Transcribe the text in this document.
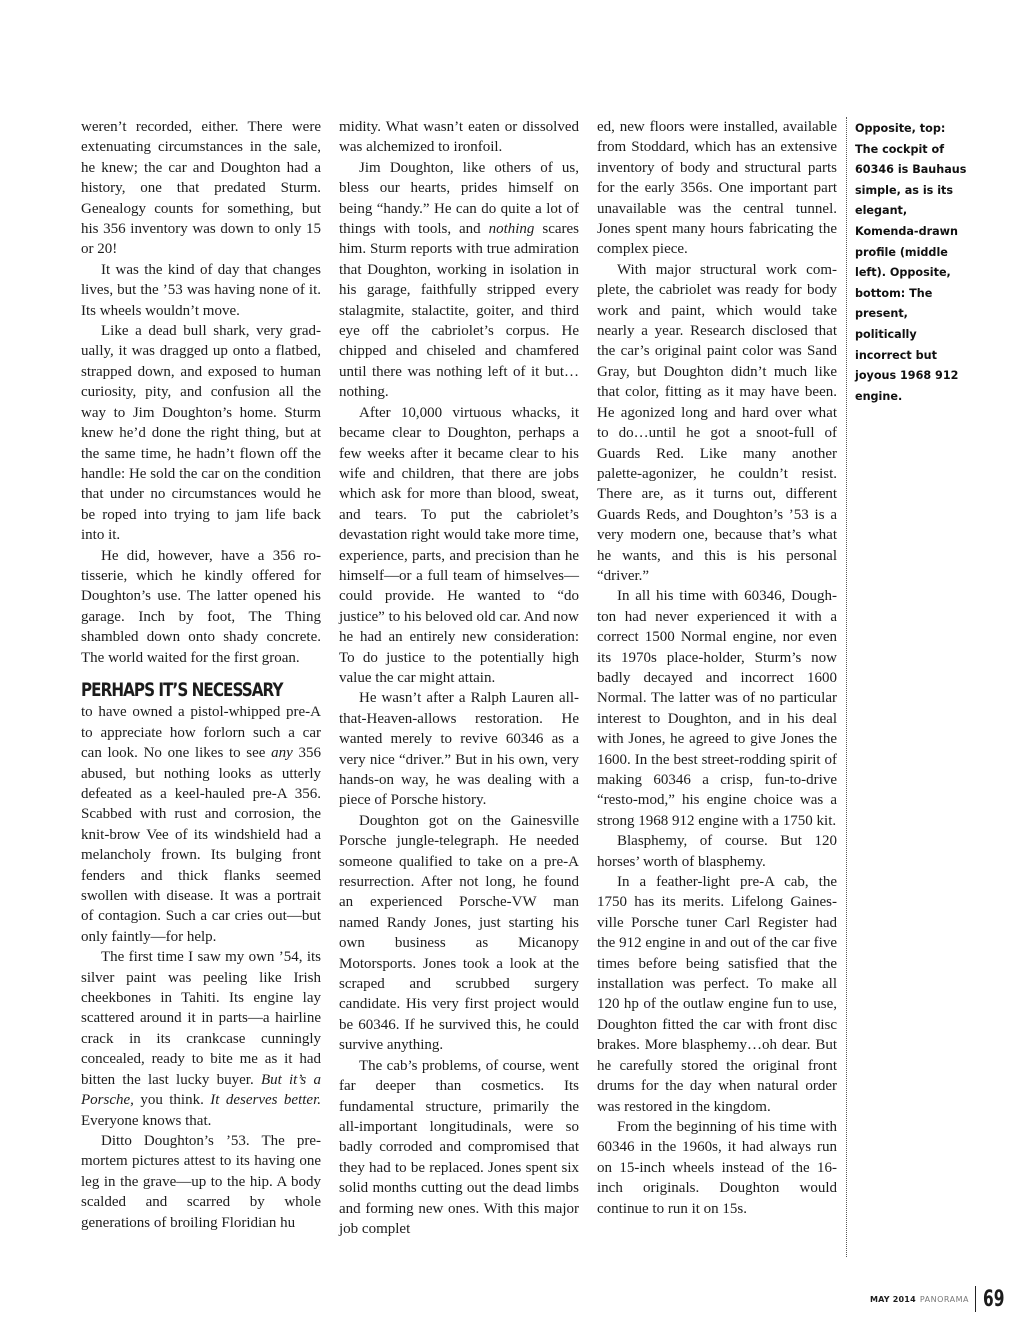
weren’t recorded, either. There were extenuating circumstances in the sale, he knew; the car and Doughton had a history, one that predated Sturm. Genealogy counts for something, but his 356 inventory was down to only 15 or 20!

It was the kind of day that changes lives, but the ’53 was having none of it. Its wheels wouldn’t move.

Like a dead bull shark, very gradually, it was dragged up onto a flatbed, strapped down, and exposed to human curiosity, pity, and confusion all the way to Jim Doughton’s home. Sturm knew he’d done the right thing, but at the same time, he hadn’t flown off the handle: He sold the car on the condition that under no circumstances would he be roped into trying to jam life back into it.

He did, however, have a 356 rotisserie, which he kindly offered for Doughton’s use. The latter opened his garage. Inch by foot, The Thing shambled down onto shady concrete. The world waited for the first groan.

PERHAPS IT’S NECESSARY to have owned a pistol-whipped pre-A to appreciate how forlorn such a car can look. No one likes to see any 356 abused, but nothing looks as utterly defeated as a keel-hauled pre-A 356. Scabbed with rust and corrosion, the knit-brow Vee of its windshield had a melancholy frown. Its bulging front fenders and thick flanks seemed swollen with disease. It was a portrait of contagion. Such a car cries out—but only faintly—for help.

The first time I saw my own ’54, its silver paint was peeling like Irish cheekbones in Tahiti. Its engine lay scattered around it in parts—a hairline crack in its crankcase cunningly concealed, ready to bite me as it had bitten the last lucky buyer. But it’s a Porsche, you think. It deserves better. Everyone knows that.

Ditto Doughton’s ’53. The premortem pictures attest to its having one leg in the grave—up to the hip. A body scalded and scarred by whole generations of broiling Floridian hu

midity. What wasn’t eaten or dissolved was alchemized to ironfoil.

Jim Doughton, like others of us, bless our hearts, prides himself on being “handy.” He can do quite a lot of things with tools, and nothing scares him. Sturm reports with true admiration that Doughton, working in isolation in his garage, faithfully stripped every stalagmite, stalactite, goiter, and third eye off the cabriolet’s corpus. He chipped and chiseled and chamfered until there was nothing left of it but…nothing.

After 10,000 virtuous whacks, it became clear to Doughton, perhaps a few weeks after it became clear to his wife and children, that there are jobs which ask for more than blood, sweat, and tears. To put the cabriolet’s devastation right would take more time, experience, parts, and precision than he himself—or a full team of himselves—could provide. He wanted to “do justice” to his beloved old car. And now he had an entirely new consideration: To do justice to the potentially high value the car might attain.

He wasn’t after a Ralph Lauren all-that-Heaven-allows restoration. He wanted merely to revive 60346 as a very nice “driver.” But in his own, very hands-on way, he was dealing with a piece of Porsche history.

Doughton got on the Gainesville Porsche jungle-telegraph. He needed someone qualified to take on a pre-A resurrection. After not long, he found an experienced Porsche-VW man named Randy Jones, just starting his own business as Micanopy Motorsports. Jones took a look at the scraped and scrubbed surgery candidate. His very first project would be 60346. If he survived this, he could survive anything.

The cab’s problems, of course, went far deeper than cosmetics. Its fundamental structure, primarily the all-important longitudinals, were so badly corroded and compromised that they had to be replaced. Jones spent six solid months cutting out the dead limbs and forming new ones. With this major job complet

ed, new floors were installed, available from Stoddard, which has an extensive inventory of body and structural parts for the early 356s. One important part unavailable was the central tunnel. Jones spent many hours fabricating the complex piece.

With major structural work complete, the cabriolet was ready for body work and paint, which would take nearly a year. Research disclosed that the car’s original paint color was Sand Gray, but Doughton didn’t much like that color, fitting as it may have been. He agonized long and hard over what to do…until he got a snoot-full of Guards Red. Like many another palette-agonizer, he couldn’t resist. There are, as it turns out, different Guards Reds, and Doughton’s ’53 is a very modern one, because that’s what he wants, and this is his personal “driver.”

In all his time with 60346, Doughton had never experienced it with a correct 1500 Normal engine, nor even its 1970s place-holder, Sturm’s now badly decayed and incorrect 1600 Normal. The latter was of no particular interest to Doughton, and in his deal with Jones, he agreed to give Jones the 1600. In the best street-rodding spirit of making 60346 a crisp, fun-to-drive “resto-mod,” his engine choice was a strong 1968 912 engine with a 1750 kit.

Blasphemy, of course. But 120 horses’ worth of blasphemy.

In a feather-light pre-A cab, the 1750 has its merits. Lifelong Gainesville Porsche tuner Carl Register had the 912 engine in and out of the car five times before being satisfied that the installation was perfect. To make all 120 hp of the outlaw engine fun to use, Doughton fitted the car with front disc brakes. More blasphemy…oh dear. But he carefully stored the original front drums for the day when natural order was restored in the kingdom.

From the beginning of his time with 60346 in the 1960s, it had always run on 15-inch wheels instead of the 16-inch originals. Doughton would continue to run it on 15s.

Opposite, top: The cockpit of 60346 is Bauhaus simple, as is its elegant, Komenda-drawn profile (middle left). Opposite, bottom: The present, politically incorrect but joyous 1968 912 engine.
MAY 2014 PANORAMA 69
